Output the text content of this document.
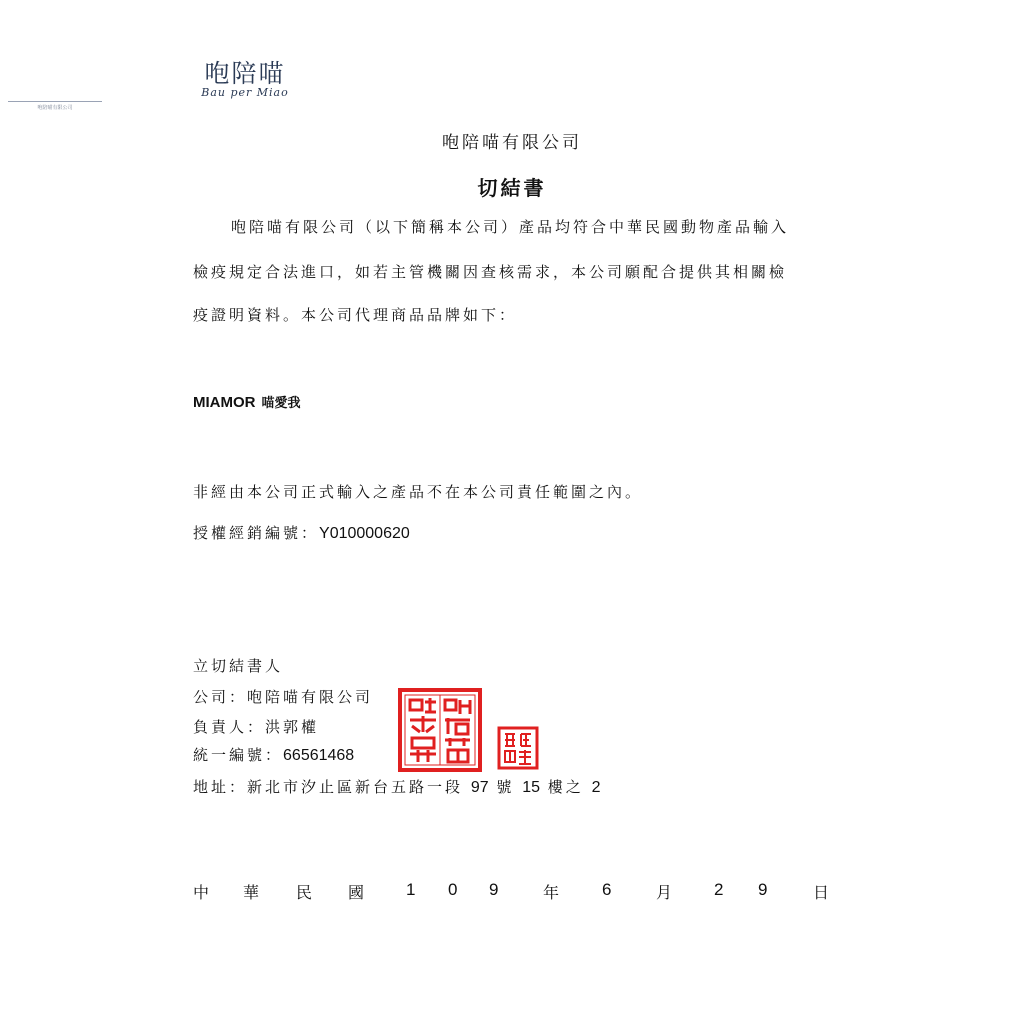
咆陪喵
Bau per Miao
咆陪喵有限公司
咆陪喵有限公司
切結書
咆陪喵有限公司（以下簡稱本公司）產品均符合中華民國動物產品輸入
檢疫規定合法進口，如若主管機關因查核需求，本公司願配合提供其相關檢
疫證明資料。本公司代理商品品牌如下：
MIAMOR 喵愛我
非經由本公司正式輸入之產品不在本公司責任範圍之內。
授權經銷編號：Y010000620
立切結書人
公司：咆陪喵有限公司
負責人：洪郭權
統一編號：66561468
地址：新北市汐止區新台五路一段 97 號 15 樓之 2
中 華 民 國 1 0 9	年	6	月 2 9	日
